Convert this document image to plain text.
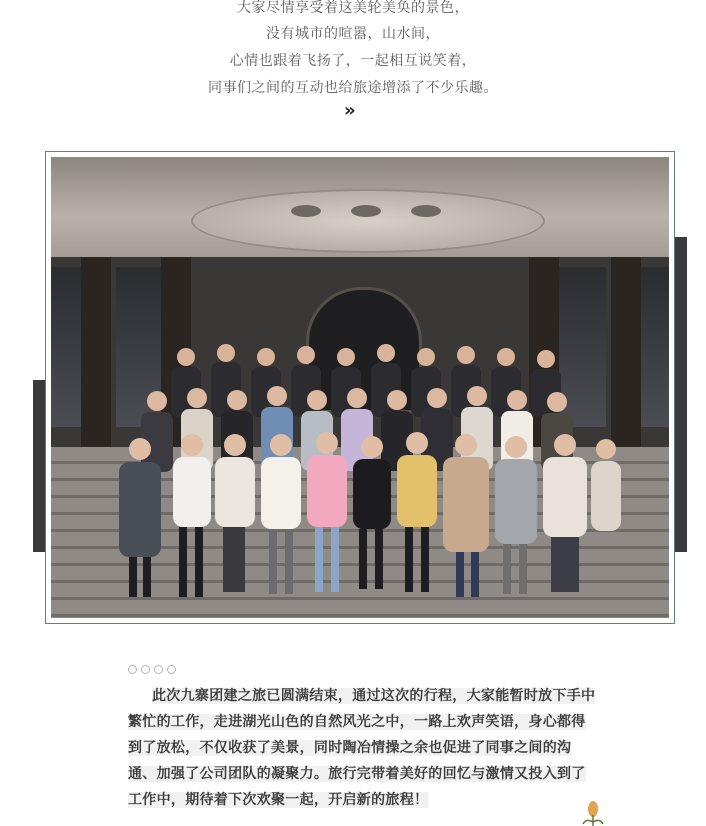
大家尽情享受着这美轮美奂的景色，
没有城市的喧嚣，山水间，
心情也跟着飞扬了，一起相互说笑着，
同事们之间的互动也给旅途增添了不少乐趣。
»
此次九寨团建之旅已圆满结束，通过这次的行程，大家能暂时放下手中繁忙的工作，走进湖光山色的自然风光之中，一路上欢声笑语，身心都得到了放松，不仅收获了美景，同时陶冶情操之余也促进了同事之间的沟通、加强了公司团队的凝聚力。旅行完带着美好的回忆与激情又投入到了工作中，期待着下次欢聚一起，开启新的旅程！
